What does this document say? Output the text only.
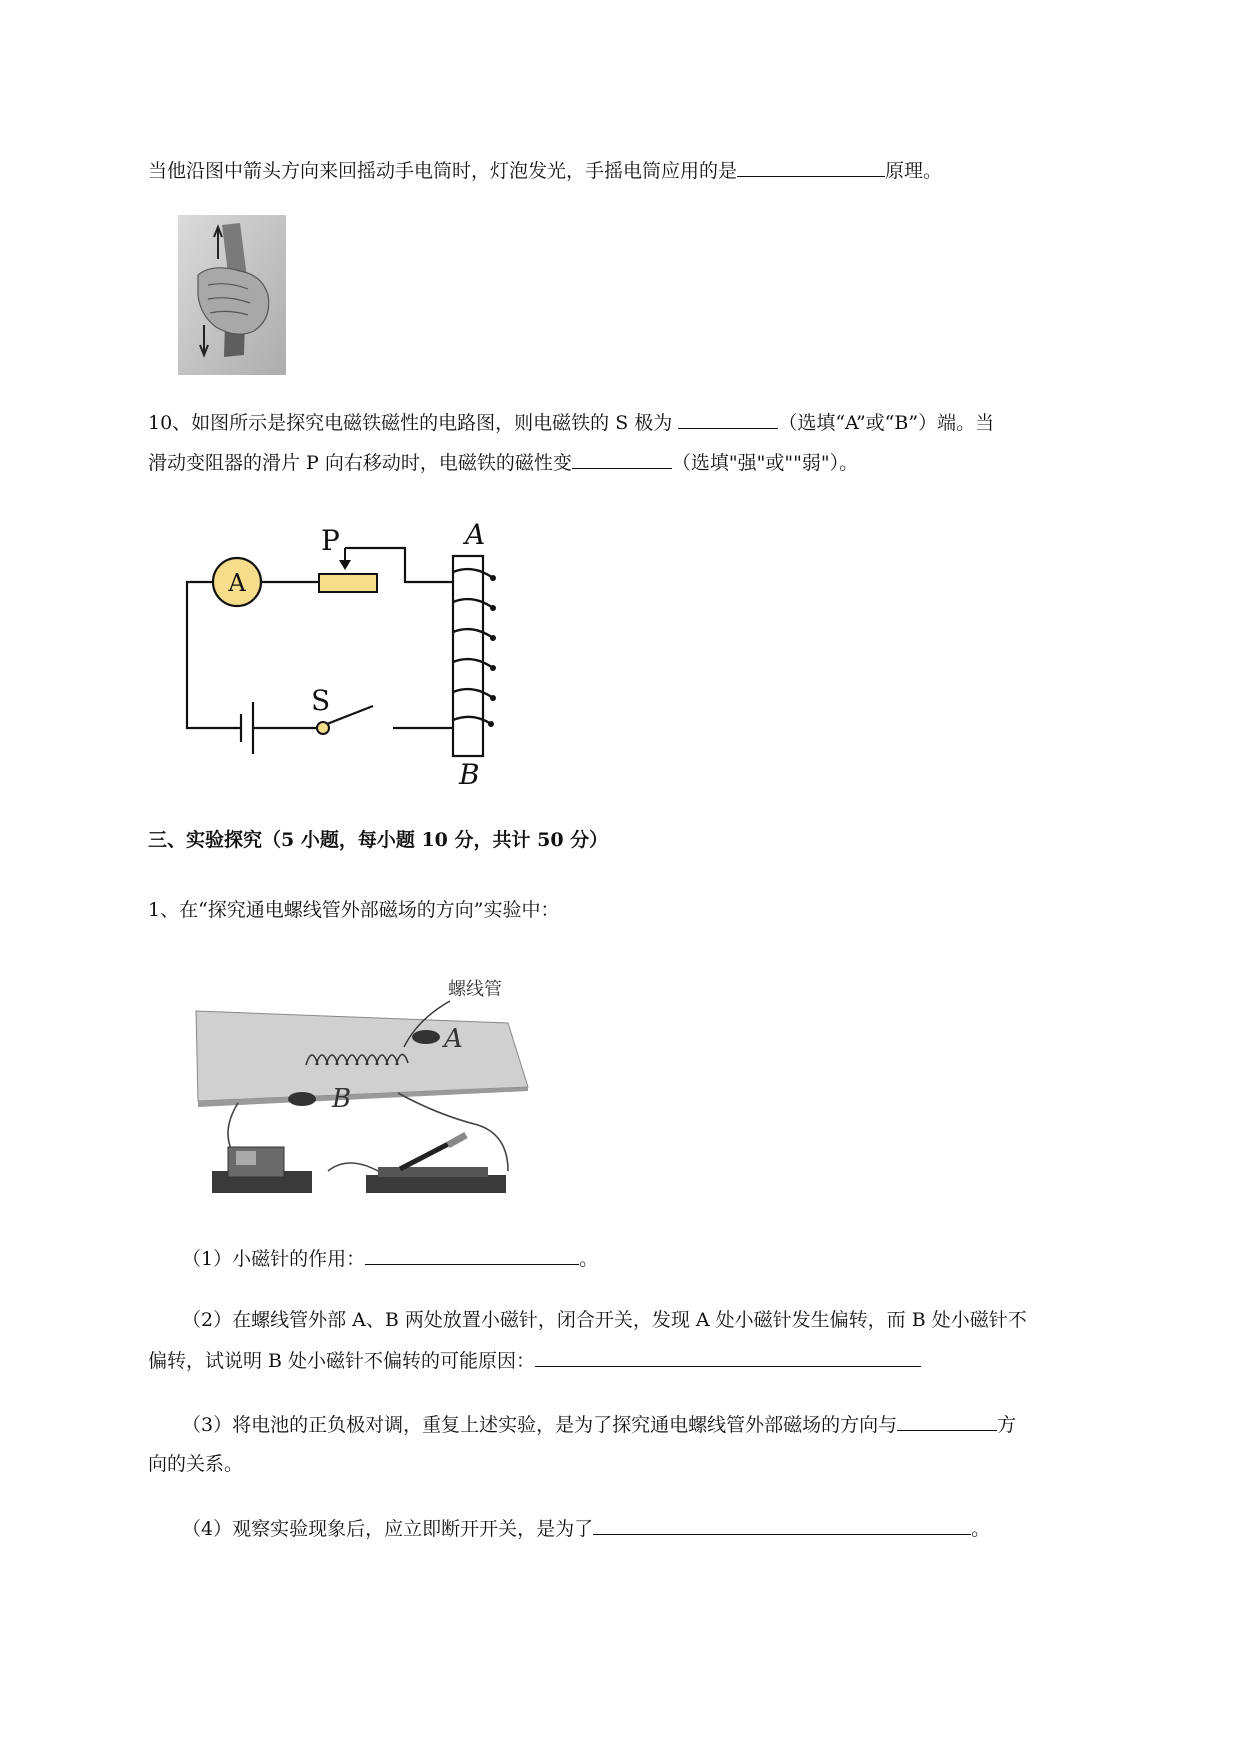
当他沿图中箭头方向来回摇动手电筒时，灯泡发光，手摇电筒应用的是	原理。
10、如图所示是探究电磁铁磁性的电路图，则电磁铁的 S 极为	（选填“A”或“B”）端。当
滑动变阻器的滑片 P 向右移动时，电磁铁的磁性变	（选填"强"或""弱"）。
A
P
S
A
B
三、实验探究（5 小题，每小题 10 分，共计 50 分）
1、在“探究通电螺线管外部磁场的方向”实验中：
螺线管
A
B
（1）小磁针的作用：	。
（2）在螺线管外部 A、B 两处放置小磁针，闭合开关，发现 A 处小磁针发生偏转，而 B 处小磁针不
偏转，试说明 B 处小磁针不偏转的可能原因：
（3）将电池的正负极对调，重复上述实验，是为了探究通电螺线管外部磁场的方向与	方
向的关系。
（4）观察实验现象后，应立即断开开关，是为了	。
